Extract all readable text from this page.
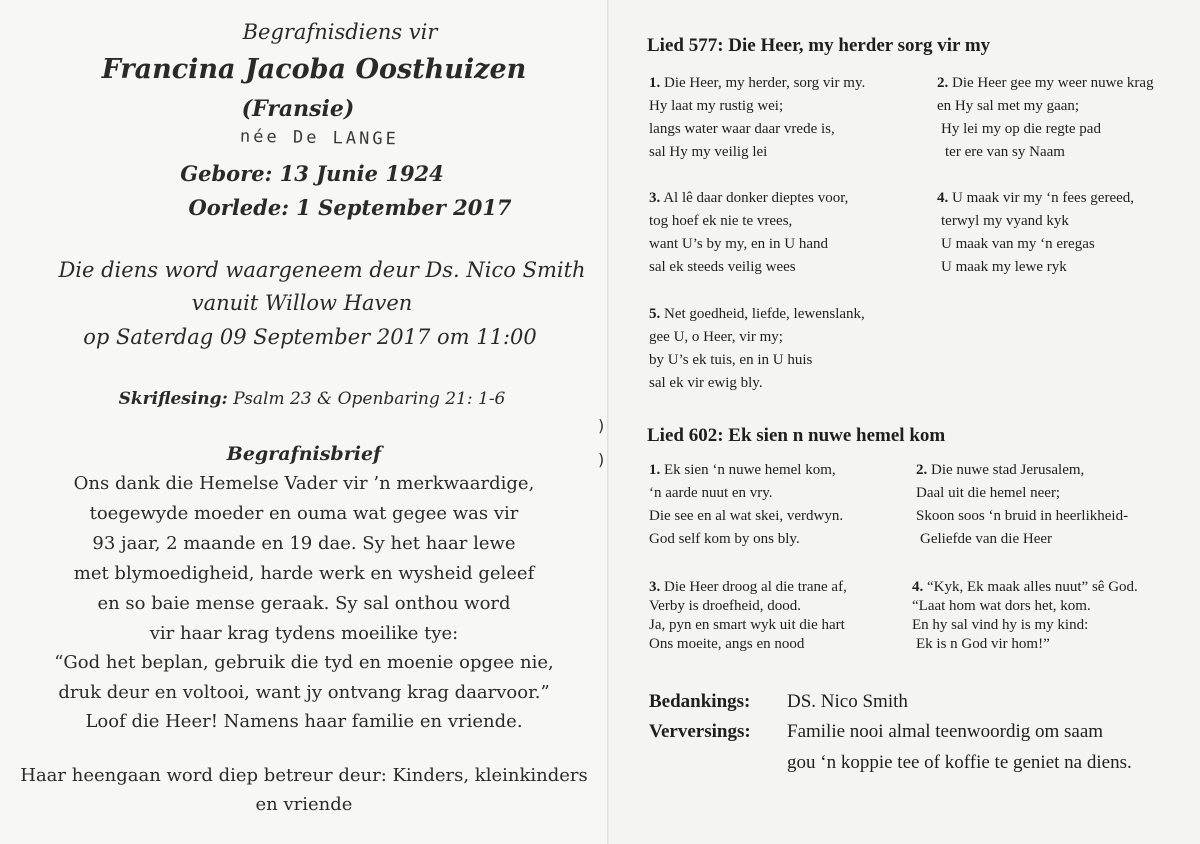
Begrafnisdiens vir
Francina Jacoba Oosthuizen
(Fransie)
née De LANGE
Gebore: 13 Junie 1924
Oorlede: 1 September 2017
Die diens word waargeneem deur Ds. Nico Smith
vanuit Willow Haven
op Saterdag 09 September 2017 om 11:00
Skriflesing: Psalm 23 & Openbaring 21: 1-6
Begrafnisbrief
Ons dank die Hemelse Vader vir ’n merkwaardige,
toegewyde moeder en ouma wat gegee was vir
93 jaar, 2 maande en 19 dae. Sy het haar lewe
met blymoedigheid, harde werk en wysheid geleef
en so baie mense geraak. Sy sal onthou word
vir haar krag tydens moeilike tye:
“God het beplan, gebruik die tyd en moenie opgee nie,
druk deur en voltooi, want jy ontvang krag daarvoor.”
Loof die Heer! Namens haar familie en vriende.
Haar heengaan word diep betreur deur: Kinders, kleinkinders
en vriende
)
)
Lied 577: Die Heer, my herder sorg vir my
1. Die Heer, my herder, sorg vir my.
Hy laat my rustig wei;
langs water waar daar vrede is,
sal Hy my veilig lei
2. Die Heer gee my weer nuwe krag
en Hy sal met my gaan;
Hy lei my op die regte pad
ter ere van sy Naam
3. Al lê daar donker dieptes voor,
tog hoef ek nie te vrees,
want U’s by my, en in U hand
sal ek steeds veilig wees
4. U maak vir my ‘n fees gereed,
terwyl my vyand kyk
U maak van my ‘n eregas
U maak my lewe ryk
5. Net goedheid, liefde, lewenslank,
gee U, o Heer, vir my;
by U’s ek tuis, en in U huis
sal ek vir ewig bly.
Lied 602: Ek sien n nuwe hemel kom
1. Ek sien ‘n nuwe hemel kom,
‘n aarde nuut en vry.
Die see en al wat skei, verdwyn.
God self kom by ons bly.
2. Die nuwe stad Jerusalem,
Daal uit die hemel neer;
Skoon soos ‘n bruid in heerlikheid-
Geliefde van die Heer
3. Die Heer droog al die trane af,
Verby is droefheid, dood.
Ja, pyn en smart wyk uit die hart
Ons moeite, angs en nood
4. “Kyk, Ek maak alles nuut” sê God.
“Laat hom wat dors het, kom.
En hy sal vind hy is my kind:
Ek is n God vir hom!”
Bedankings: DS. Nico Smith
Verversings: Familie nooi almal teenwoordig om saam
gou ‘n koppie tee of koffie te geniet na diens.
